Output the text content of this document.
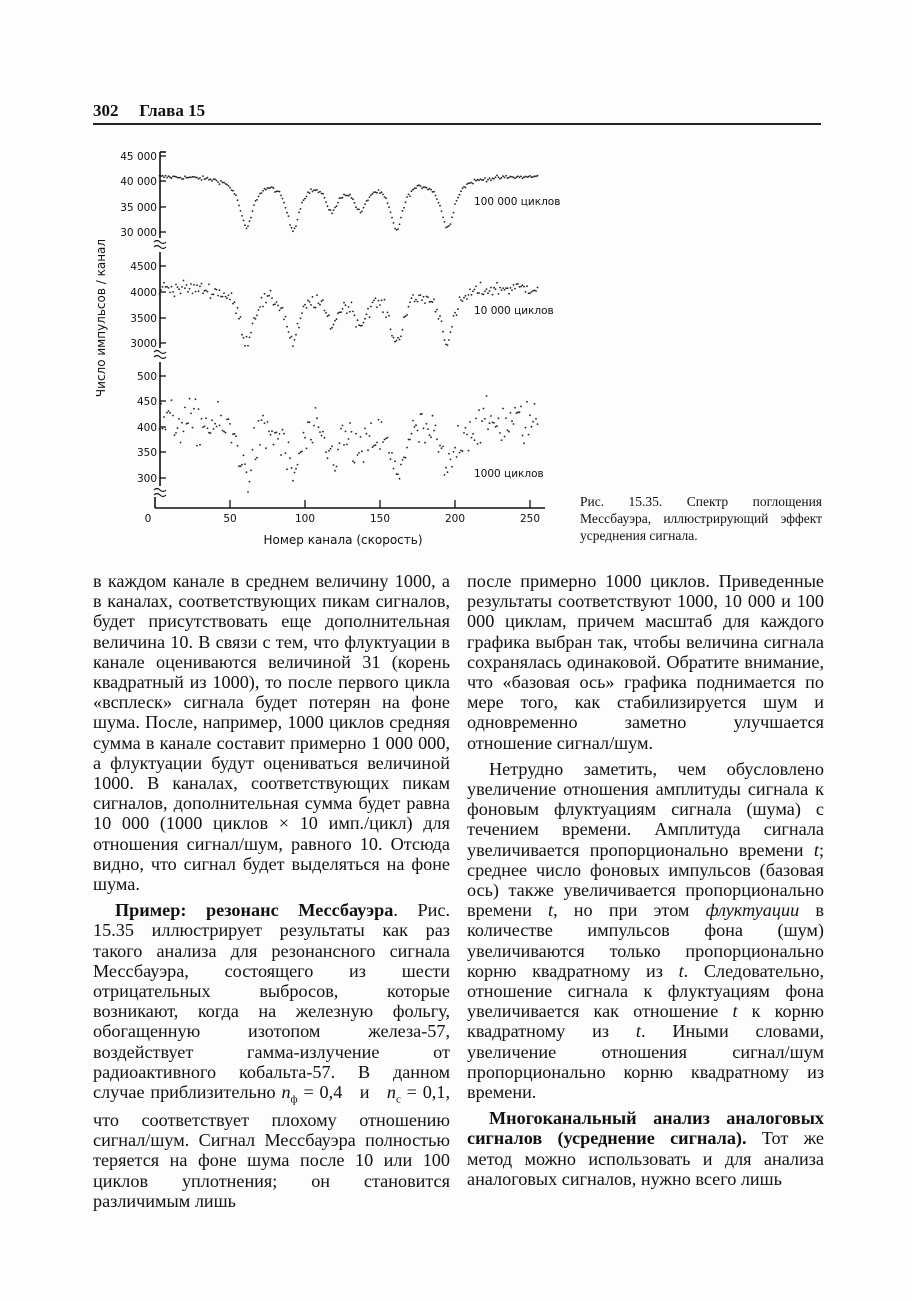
302 Глава 15
0	50	100	150	200	250
Номер канала (скорость)
Число импульсов / канал
30 000
35 000
40 000
45 000
100 000 циклов
3000
3500
4000
4500
10 000 циклов
300
350
400
450
500
1000 циклов
Рис. 15.35. Спектр поглощения Мессбауэра, иллюстрирующий эффект усреднения сигнала.

в каждом канале в среднем величину 1000, а в каналах, соответствующих пикам сигналов, будет присутствовать еще дополнительная величина 10. В связи с тем, что флуктуации в канале оцениваются величиной 31 (корень квадратный из 1000), то после первого цикла «всплеск» сигнала будет потерян на фоне шума. После, например, 1000 циклов средняя сумма в канале составит примерно 1 000 000, а флуктуации будут оцениваться величиной 1000. В каналах, соответствующих пикам сигналов, дополнительная сумма будет равна 10 000 (1000 циклов × 10 имп./цикл) для отношения сигнал/шум, равного 10. Отсюда видно, что сигнал будет выделяться на фоне шума.

Пример: резонанс Мессбауэра. Рис. 15.35 иллюстрирует результаты как раз такого анализа для резонансного сигнала Мессбауэра, состоящего из шести отрицательных выбросов, которые возникают, когда на железную фольгу, обогащенную изотопом железа-57, воздействует гамма-излучение от радиоактивного кобальта-57. В данном случае приблизительно $n_ф = 0,4$   и   $n_c = 0,1$, что соответствует плохому отношению сигнал/шум. Сигнал Мессбауэра полностью теряется на фоне шума после 10 или 100 циклов уплотнения; он становится различимым лишь

после примерно 1000 циклов. Приведенные результаты соответствуют 1000, 10 000 и 100 000 циклам, причем масштаб для каждого графика выбран так, чтобы величина сигнала сохранялась одинаковой. Обратите внимание, что «базовая ось» графика поднимается по мере того, как стабилизируется шум и одновременно заметно улучшается отношение сигнал/шум.

Нетрудно заметить, чем обусловлено увеличение отношения амплитуды сигнала к фоновым флуктуациям сигнала (шума) с течением времени. Амплитуда сигнала увеличивается пропорционально времени t; среднее число фоновых импульсов (базовая ось) также увеличивается пропорционально времени t, но при этом флуктуации в количестве импульсов фона (шум) увеличиваются только пропорционально корню квадратному из t. Следовательно, отношение сигнала к флуктуациям фона увеличивается как отношение t к корню квадратному из t. Иными словами, увеличение отношения сигнал/шум пропорционально корню квадратному из времени.

Многоканальный анализ аналоговых сигналов (усреднение сигнала). Тот же метод можно использовать и для анализа аналоговых сигналов, нужно всего лишь
